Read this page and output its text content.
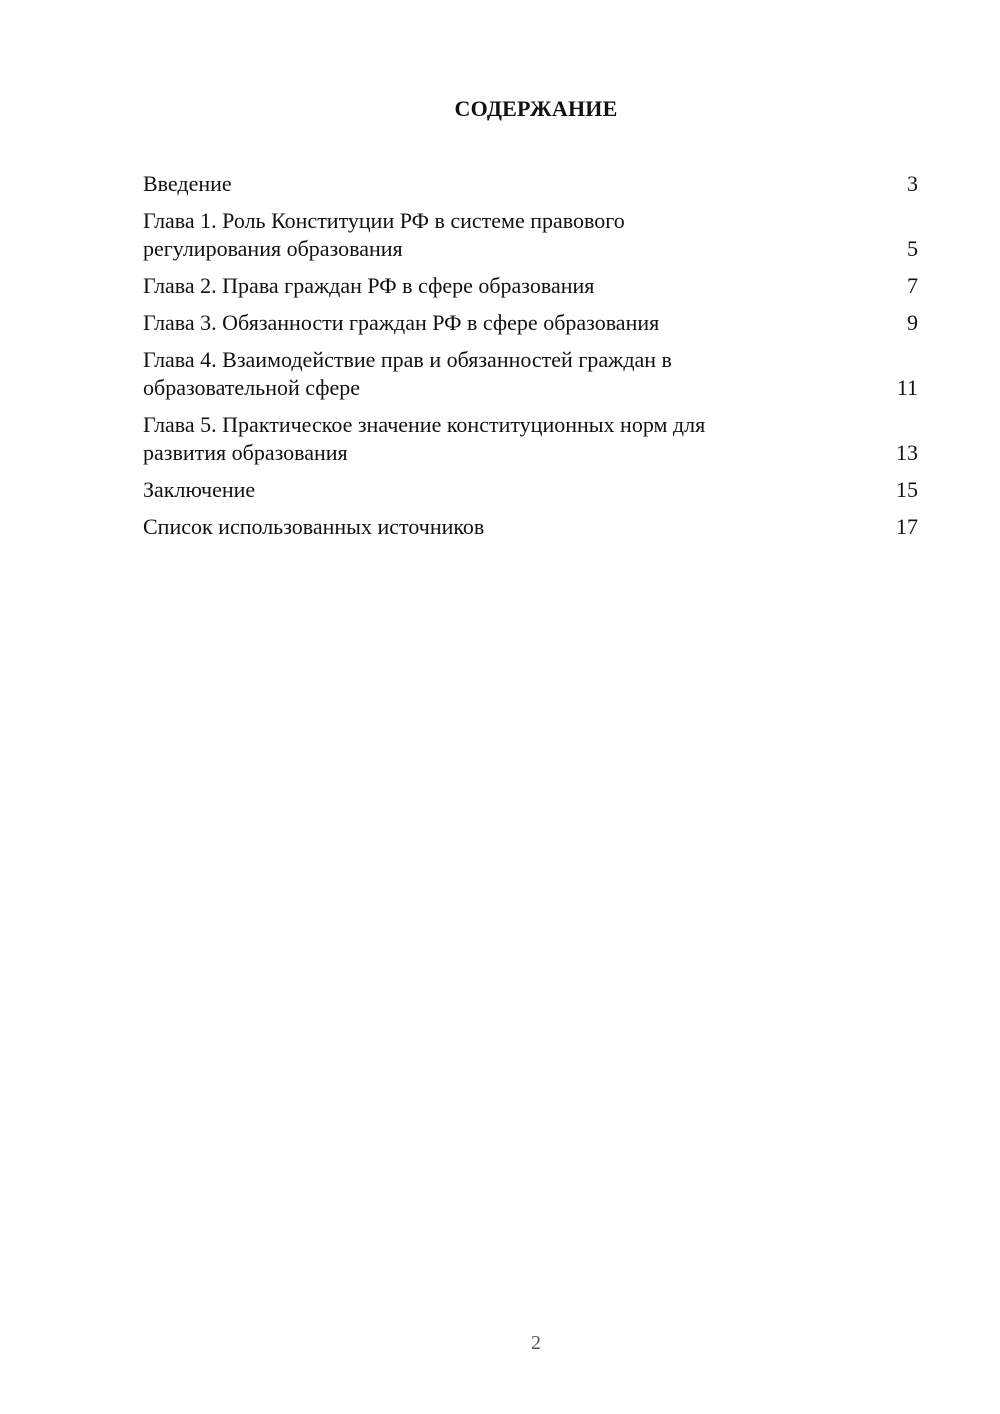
СОДЕРЖАНИЕ
Введение	3
Глава 1. Роль Конституции РФ в системе правового
регулирования образования	5
Глава 2. Права граждан РФ в сфере образования	7
Глава 3. Обязанности граждан РФ в сфере образования	9
Глава 4. Взаимодействие прав и обязанностей граждан в
образовательной сфере	11
Глава 5. Практическое значение конституционных норм для
развития образования	13
Заключение	15
Список использованных источников	17
2
